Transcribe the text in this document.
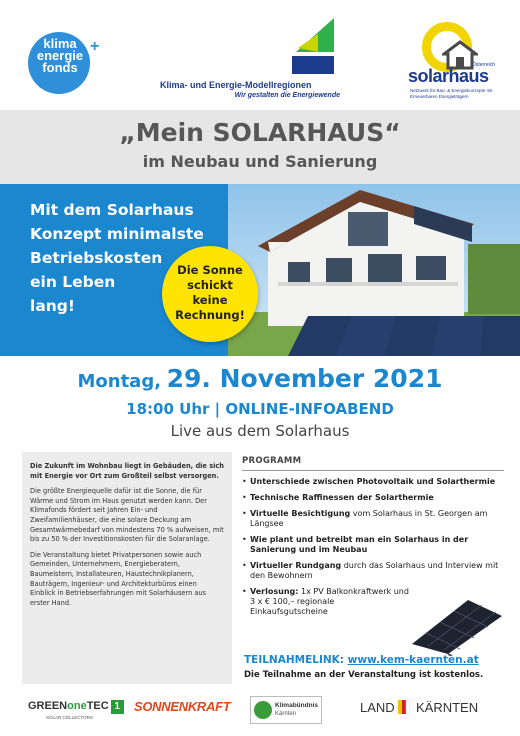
klima energie fonds
+
Klima- und Energie-Modellregionen
Wir gestalten die Energiewende
solarhaus
Österreich
Netzwerk für Bau- & Energiekonzepte mit Erneuerbaren Energieträgern
„Mein SOLARHAUS“
im Neubau und Sanierung
Mit dem Solarhaus
Konzept minimalste
Betriebskosten
ein Leben
lang!
Die Sonne
schickt
keine
Rechnung!
Montag, 29. November 2021
18:00 Uhr | ONLINE-INFOABEND
Live aus dem Solarhaus

Die Zukunft im Wohnbau liegt in Gebäuden, die sich mit Energie vor Ort zum Großteil selbst versorgen.

Die größte Energiequelle dafür ist die Sonne, die für Wärme und Strom im Haus genutzt werden kann. Der Klimafonds fördert seit Jahren Ein- und Zweifamilienhäuser, die eine solare Deckung am Gesamtwärmebedarf von mindestens 70 % aufweisen, mit bis zu 50 % der Investitionskosten für die Solaranlage.

Die Veranstaltung bietet Privatpersonen sowie auch Gemeinden, Unternehmern, Energieberatern, Baumeistern, Installateuren, Haustechnikplanern, Bauträgern, Ingenieur- und Architekturbüros einen Einblick in Betriebserfahrungen mit Solarhäusern aus erster Hand.

PROGRAMM
• Unterschiede zwischen Photovoltaik und Solarthermie
• Technische Raffinessen der Solarthermie
• Virtuelle Besichtigung vom Solarhaus in St. Georgen am Längsee
• Wie plant und betreibt man ein Solarhaus in der Sanierung und im Neubau
• Virtueller Rundgang durch das Solarhaus und Interview mit den Bewohnern
• Verlosung: 1x PV Balkonkraftwerk und 3 x € 100,– regionale Einkaufsgutscheine
TEILNAHMELINK: www.kem-kaernten.at
Die Teilnahme an der Veranstaltung ist kostenlos.
GREENoneTEC 1
SOLAR COLLECTORS
SONNENKRAFT	Klimabündnis
Kärnten	LAND KÄRNTEN
